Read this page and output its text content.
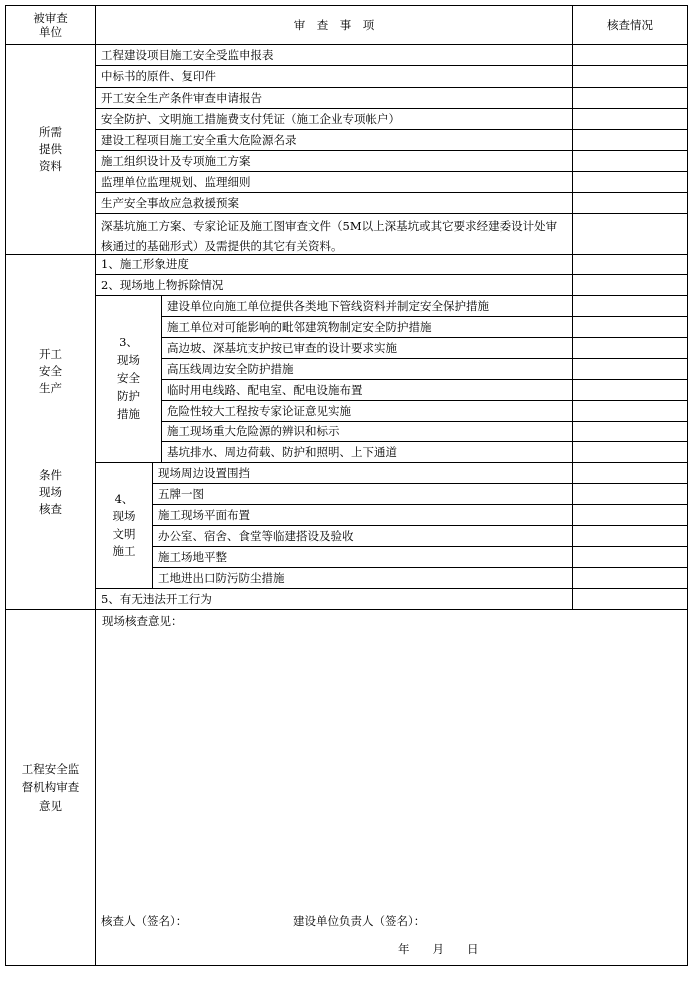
被审查
单位
审　查　事　项	核查情况
所需
提供
资料
工程建设项目施工安全受监申报表
中标书的原件、复印件
开工安全生产条件审查申请报告
安全防护、文明施工措施费支付凭证（施工企业专项帐户）
建设工程项目施工安全重大危险源名录
施工组织设计及专项施工方案
监理单位监理规划、监理细则
生产安全事故应急救援预案
深基坑施工方案、专家论证及施工图审查文件（5M以上深基坑或其它要求经建委设计处审核通过的基础形式）及需提供的其它有关资料。
开工
安全
生产

条件
现场
核查
1、施工形象进度
2、现场地上物拆除情况
3、
现场
安全
防护
措施
建设单位向施工单位提供各类地下管线资料并制定安全保护措施
施工单位对可能影响的毗邻建筑物制定安全防护措施
高边坡、深基坑支护按已审查的设计要求实施
高压线周边安全防护措施
临时用电线路、配电室、配电设施布置
危险性较大工程按专家论证意见实施
施工现场重大危险源的辨识和标示
基坑排水、周边荷载、防护和照明、上下通道
4、
现场
文明
施工
现场周边设置围挡
五牌一图
施工现场平面布置
办公室、宿舍、食堂等临建搭设及验收
施工场地平整
工地进出口防污防尘措施
5、有无违法开工行为
工程安全监
督机构审查
意见
现场核查意见：
核查人（签名）：	建设单位负责人（签名）：
年　　月　　日
